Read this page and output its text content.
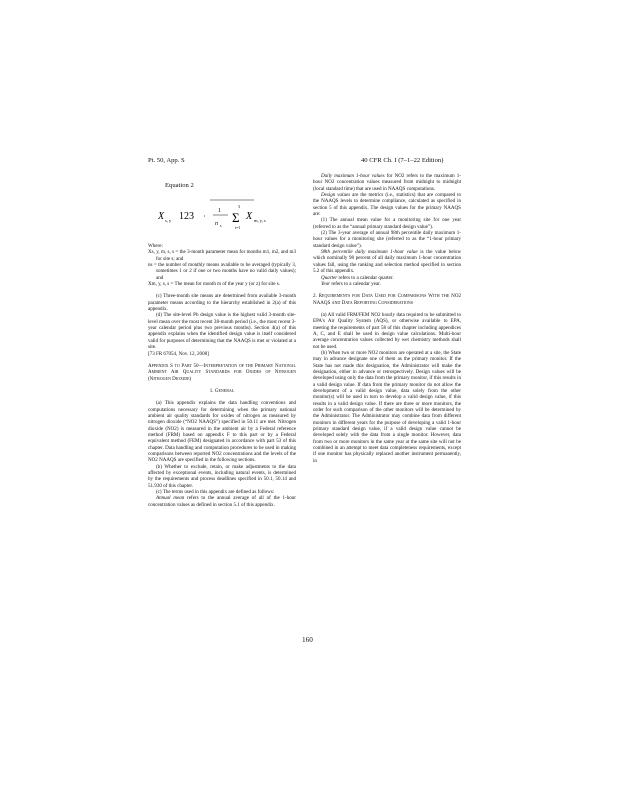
Pt. 50, App. S	40 CFR Ch. I (7–1–22 Edition)
Equation 2
X s, y 123 ·
1
n s
3
Σ
i=1
X m, y, s

Where:

Xs, y, m, s, s = the 3-month parameter mean for months m1, m2, and m3 for site s; and

ns = the number of monthly means available to be averaged (typically 3, sometimes 1 or 2 if one or two months have no valid daily values); and

Xm, y, s, s = The mean for month m of the year y (or z) for site s.

(c) Three-month site means are determined from available 3-month parameter means according to the hierarchy established in 2(a) of this appendix.

(d) The site-level Pb design value is the highest valid 3-month site-level mean over the most recent 38-month period (i.e., the most recent 3-year calendar period plus two previous months). Section 4(a) of this appendix explains when the identified design value is itself considered valid for purposes of determining that the NAAQS is met or violated at a site.

[73 FR 67054, Nov. 12, 2008]

Appendix S to Part 50—Interpretation of the Primary National Ambient Air Quality Standards for Oxides of Nitrogen (Nitrogen Dioxide)

1. General

(a) This appendix explains the data handling conventions and computations necessary for determining when the primary national ambient air quality standards for oxides of nitrogen as measured by nitrogen dioxide (“NO2 NAAQS”) specified in 50.11 are met. Nitrogen dioxide (NO2) is measured in the ambient air by a Federal reference method (FRM) based on appendix F to this part or by a Federal equivalent method (FEM) designated in accordance with part 53 of this chapter. Data handling and computation procedures to be used in making comparisons between reported NO2 concentrations and the levels of the NO2 NAAQS are specified in the following sections.

(b) Whether to exclude, retain, or make adjustments to the data affected by exceptional events, including natural events, is determined by the requirements and process deadlines specified in 50.1, 50.14 and 51.930 of this chapter.

(c) The terms used in this appendix are defined as follows:

Annual mean refers to the annual average of all of the 1-hour concentration values as defined in section 5.1 of this appendix.

Daily maximum 1-hour values for NO2 refers to the maximum 1-hour NO2 concentration values measured from midnight to midnight (local standard time) that are used in NAAQS computations.

Design values are the metrics (i.e., statistics) that are compared to the NAAQS levels to determine compliance, calculated as specified in section 5 of this appendix. The design values for the primary NAAQS are:

(1) The annual mean value for a monitoring site for one year (referred to as the “annual primary standard design value”).

(2) The 3-year average of annual 98th percentile daily maximum 1-hour values for a monitoring site (referred to as the “1-hour primary standard design value”).

98th percentile daily maximum 1-hour value is the value below which nominally 98 percent of all daily maximum 1-hour concentration values fall, using the ranking and selection method specified in section 5.2 of this appendix.

Quarter refers to a calendar quarter.

Year refers to a calendar year.

2. Requirements for Data Used for Comparisons With the NO2 NAAQS and Data Reporting Considerations

(a) All valid FRM/FEM NO2 hourly data required to be submitted to EPA's Air Quality System (AQS), or otherwise available to EPA, meeting the requirements of part 58 of this chapter including appendices A, C, and E shall be used in design value calculations. Multi-hour average concentration values collected by wet chemistry methods shall not be used.

(b) When two or more NO2 monitors are operated at a site, the State may in advance designate one of them as the primary monitor. If the State has not made this designation, the Administrator will make the designation, either in advance or retrospectively. Design values will be developed using only the data from the primary monitor, if this results in a valid design value. If data from the primary monitor do not allow the development of a valid design value, data solely from the other monitor(s) will be used in turn to develop a valid design value, if this results in a valid design value. If there are three or more monitors, the order for such comparison of the other monitors will be determined by the Administrator. The Administrator may combine data from different monitors in different years for the purpose of developing a valid 1-hour primary standard design value, if a valid design value cannot be developed solely with the data from a single monitor. However, data from two or more monitors in the same year at the same site will not be combined in an attempt to meet data completeness requirements, except if one monitor has physically replaced another instrument permanently, in

160
